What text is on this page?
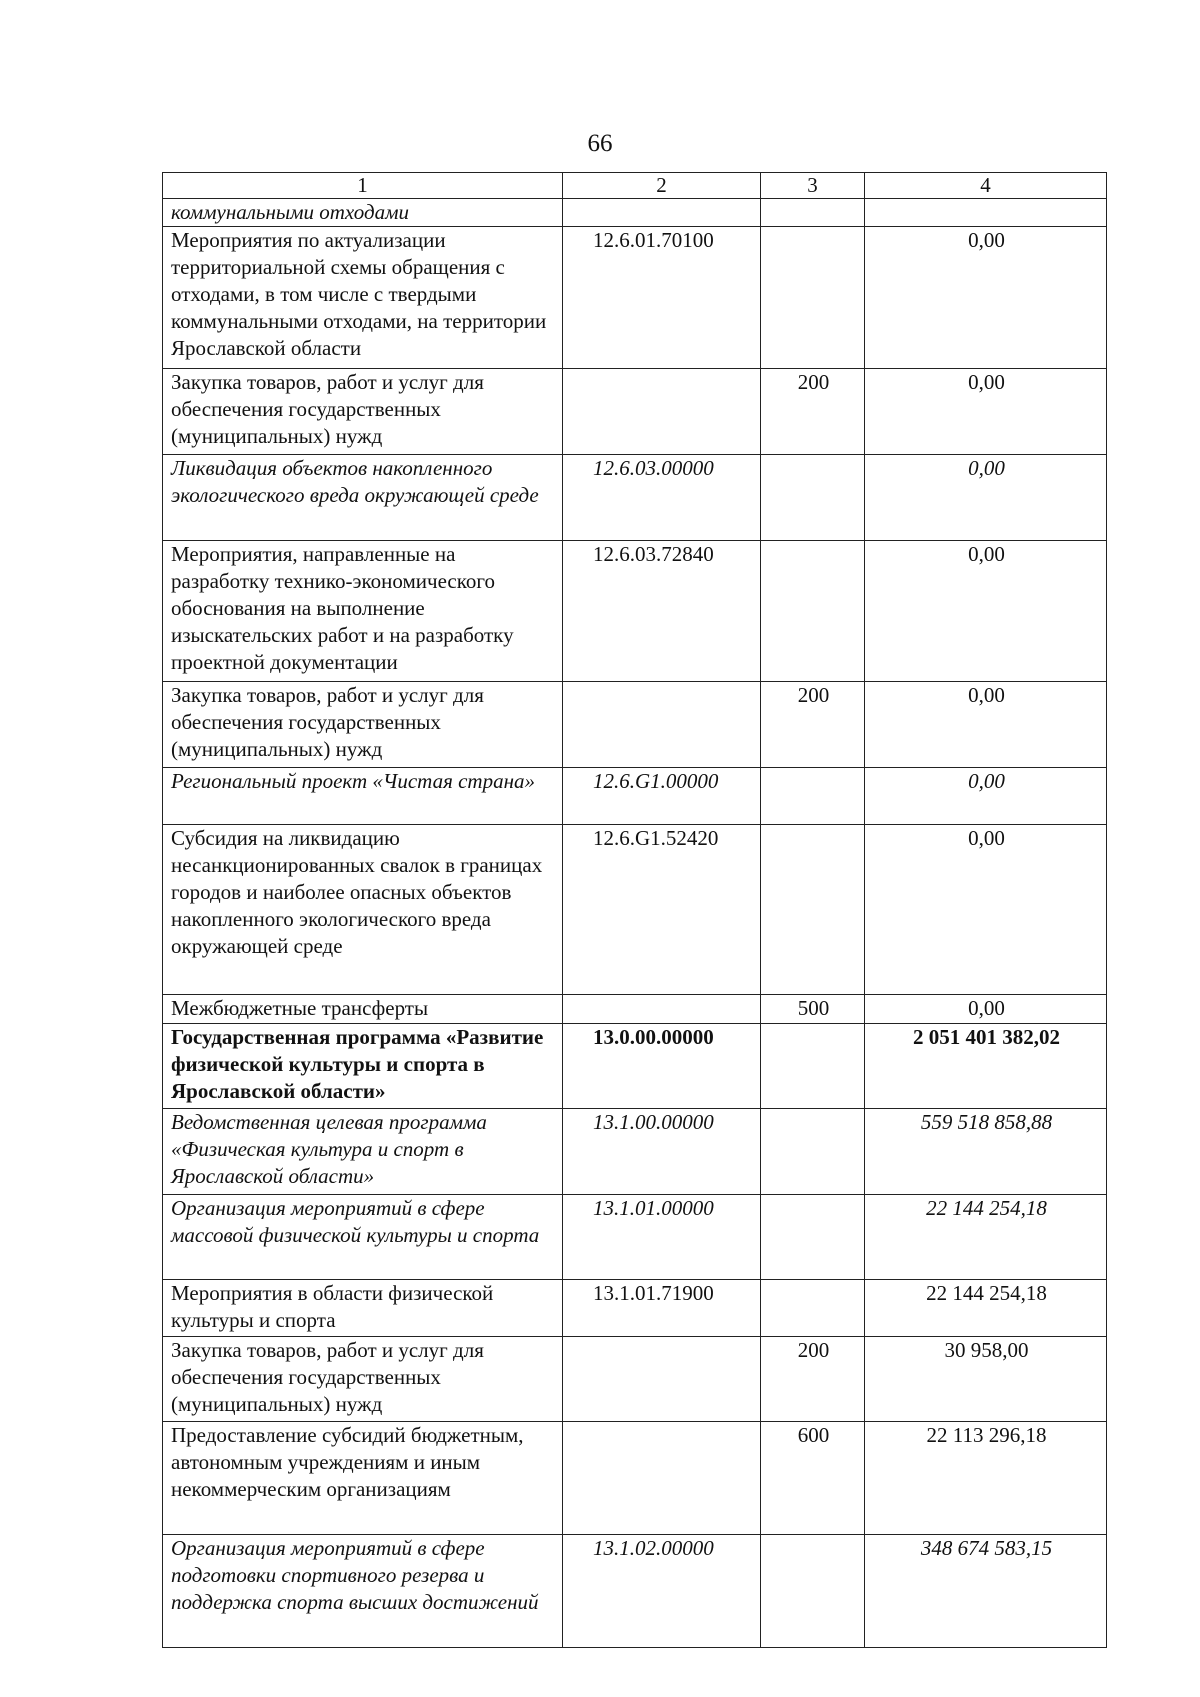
66
1	2	3	4
коммунальными отходами			
Мероприятия по актуализации территориальной схемы обращения с отходами, в том числе с твердыми коммунальными отходами, на территории Ярославской области	12.6.01.70100		0,00
Закупка товаров, работ и услуг для обеспечения государственных (муниципальных) нужд		200	0,00
Ликвидация объектов накопленного экологического вреда окружающей среде	12.6.03.00000		0,00
Мероприятия, направленные на разработку технико-экономического обоснования на выполнение изыскательских работ и на разработку проектной документации	12.6.03.72840		0,00
Закупка товаров, работ и услуг для обеспечения государственных (муниципальных) нужд		200	0,00
Региональный проект «Чистая страна»	12.6.G1.00000		0,00
Субсидия на ликвидацию несанкционированных свалок в границах городов и наиболее опасных объектов накопленного экологического вреда окружающей среде	12.6.G1.52420		0,00
Межбюджетные трансферты		500	0,00
Государственная программа «Развитие физической культуры и спорта в Ярославской области»	13.0.00.00000		2 051 401 382,02
Ведомственная целевая программа «Физическая культура и спорт в Ярославской области»	13.1.00.00000		559 518 858,88
Организация мероприятий в сфере массовой физической культуры и спорта	13.1.01.00000		22 144 254,18
Мероприятия в области физической культуры и спорта	13.1.01.71900		22 144 254,18
Закупка товаров, работ и услуг для обеспечения государственных (муниципальных) нужд		200	30 958,00
Предоставление субсидий бюджетным, автономным учреждениям и иным некоммерческим организациям		600	22 113 296,18
Организация мероприятий в сфере подготовки спортивного резерва и поддержка спорта высших достижений	13.1.02.00000		348 674 583,15
